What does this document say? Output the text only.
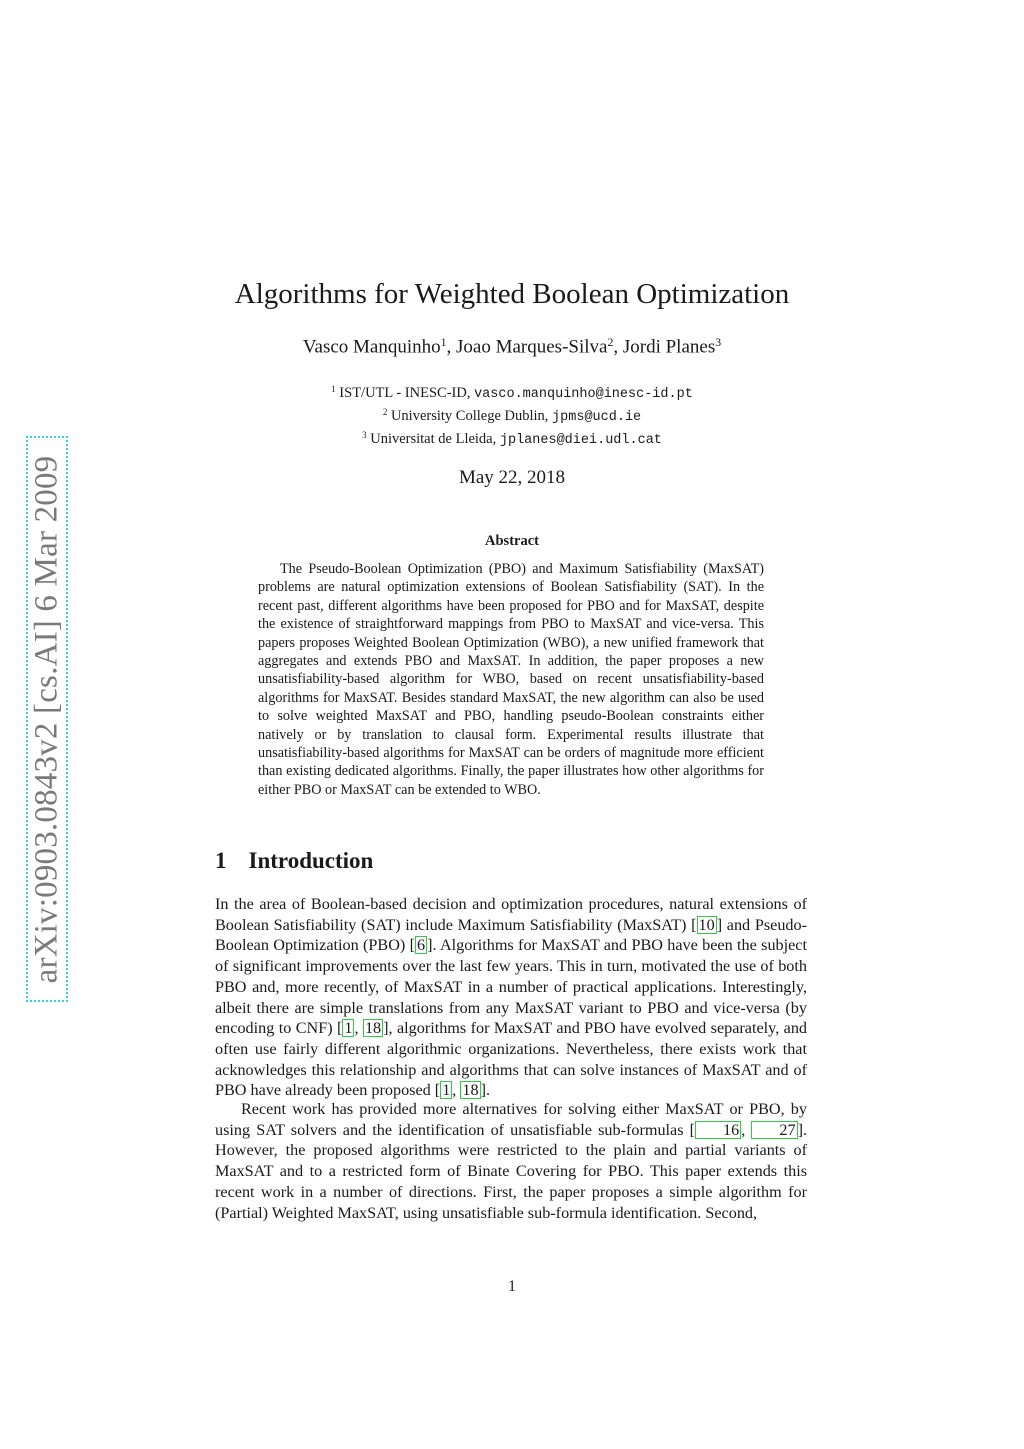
arXiv:0903.0843v2 [cs.AI] 6 Mar 2009
Algorithms for Weighted Boolean Optimization
Vasco Manquinho$^1$, Joao Marques-Silva$^2$, Jordi Planes$^3$
$^1$ IST/UTL - INESC-ID, vasco.manquinho@inesc-id.pt
$^2$ University College Dublin, jpms@ucd.ie
$^3$ Universitat de Lleida, jplanes@diei.udl.cat
May 22, 2018
Abstract

The Pseudo-Boolean Optimization (PBO) and Maximum Satisfiability (MaxSAT) problems are natural optimization extensions of Boolean Satisfiability (SAT). In the recent past, different algorithms have been proposed for PBO and for MaxSAT, despite the existence of straightforward mappings from PBO to MaxSAT and vice-versa. This papers proposes Weighted Boolean Optimization (WBO), a new unified framework that aggregates and extends PBO and MaxSAT. In addition, the paper proposes a new unsatisfiability-based algorithm for WBO, based on recent unsatisfiability-based algorithms for MaxSAT. Besides standard MaxSAT, the new algorithm can also be used to solve weighted MaxSAT and PBO, handling pseudo-Boolean constraints either natively or by translation to clausal form. Experimental results illustrate that unsatisfiability-based algorithms for MaxSAT can be orders of magnitude more efficient than existing dedicated algorithms. Finally, the paper illustrates how other algorithms for either PBO or MaxSAT can be extended to WBO.

1 Introduction

In the area of Boolean-based decision and optimization procedures, natural extensions of Boolean Satisfiability (SAT) include Maximum Satisfiability (MaxSAT) [ 10 ] and Pseudo-Boolean Optimization (PBO) [ 6 ]. Algorithms for MaxSAT and PBO have been the subject of significant improvements over the last few years. This in turn, motivated the use of both PBO and, more recently, of MaxSAT in a number of practical applications. Interestingly, albeit there are simple translations from any MaxSAT variant to PBO and vice-versa (by encoding to CNF) [ 1 , 18 ], algorithms for MaxSAT and PBO have evolved separately, and often use fairly different algorithmic organizations. Nevertheless, there exists work that acknowledges this relationship and algorithms that can solve instances of MaxSAT and of PBO have already been proposed [ 1 , 18 ].

Recent work has provided more alternatives for solving either MaxSAT or PBO, by using SAT solvers and the identification of unsatisfiable sub-formulas [ 16 , 27 ]. However, the proposed algorithms were restricted to the plain and partial variants of MaxSAT and to a restricted form of Binate Covering for PBO. This paper extends this recent work in a number of directions. First, the paper proposes a simple algorithm for (Partial) Weighted MaxSAT, using unsatisfiable sub-formula identification. Second,

1
